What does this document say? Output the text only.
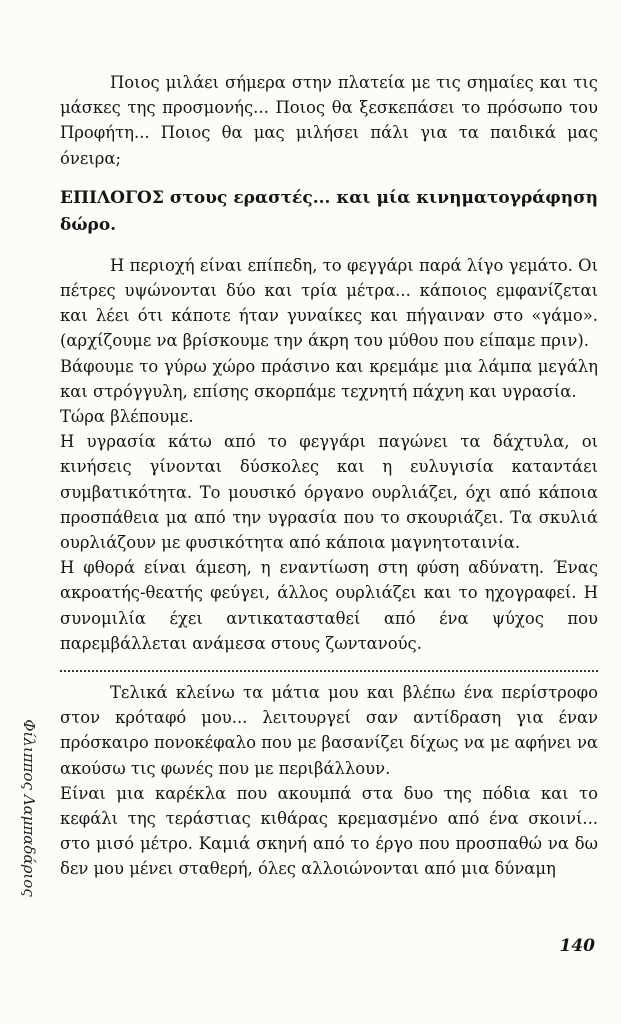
Ποιος μιλάει σήμερα στην πλατεία με τις σημαίες και τις μάσκες της προσμονής... Ποιος θα ξεσκεπάσει το πρόσωπο του Προφήτη... Ποιος θα μας μιλήσει πάλι για τα παιδικά μας όνειρα;

ΕΠΙΛΟΓΟΣ στους εραστές... και μία κινηματογράφηση δώρο.

Η περιοχή είναι επίπεδη, το φεγγάρι παρά λίγο γεμάτο. Οι πέτρες υψώνονται δύο και τρία μέτρα... κάποιος εμφανίζεται και λέει ότι κάποτε ήταν γυναίκες και πήγαιναν στο «γάμο». (αρχίζουμε να βρίσκουμε την άκρη του μύθου που είπαμε πριν).

Βάφουμε το γύρω χώρο πράσινο και κρεμάμε μια λάμπα μεγάλη και στρόγγυλη, επίσης σκορπάμε τεχνητή πάχνη και υγρασία.

Τώρα βλέπουμε.

Η υγρασία κάτω από το φεγγάρι παγώνει τα δάχτυλα, οι κινήσεις γίνονται δύσκολες και η ευλυγισία καταντάει συμβατικότητα. Το μουσικό όργανο ουρλιάζει, όχι από κάποια προσπάθεια μα από την υγρασία που το σκουριάζει. Τα σκυλιά ουρλιάζουν με φυσικότητα από κάποια μαγνητοταινία.

Η φθορά είναι άμεση, η εναντίωση στη φύση αδύνατη. Ένας ακροατής-θεατής φεύγει, άλλος ουρλιάζει και το ηχογραφεί. Η συνομιλία έχει αντικατασταθεί από ένα ψύχος που παρεμβάλλεται ανάμεσα στους ζωντανούς.

Τελικά κλείνω τα μάτια μου και βλέπω ένα περίστροφο στον κρόταφό μου... λειτουργεί σαν αντίδραση για έναν πρόσκαιρο πονοκέφαλο που με βασανίζει δίχως να με αφήνει να ακούσω τις φωνές που με περιβάλλουν.

Είναι μια καρέκλα που ακουμπά στα δυο της πόδια και το κεφάλι της τεράστιας κιθάρας κρεμασμένο από ένα σκοινί... στο μισό μέτρο. Καμιά σκηνή από το έργο που προσπαθώ να δω δεν μου μένει σταθερή, όλες αλλοιώνονται από μια δύναμη

Φίλιππος Λαμπαδάριος
140
